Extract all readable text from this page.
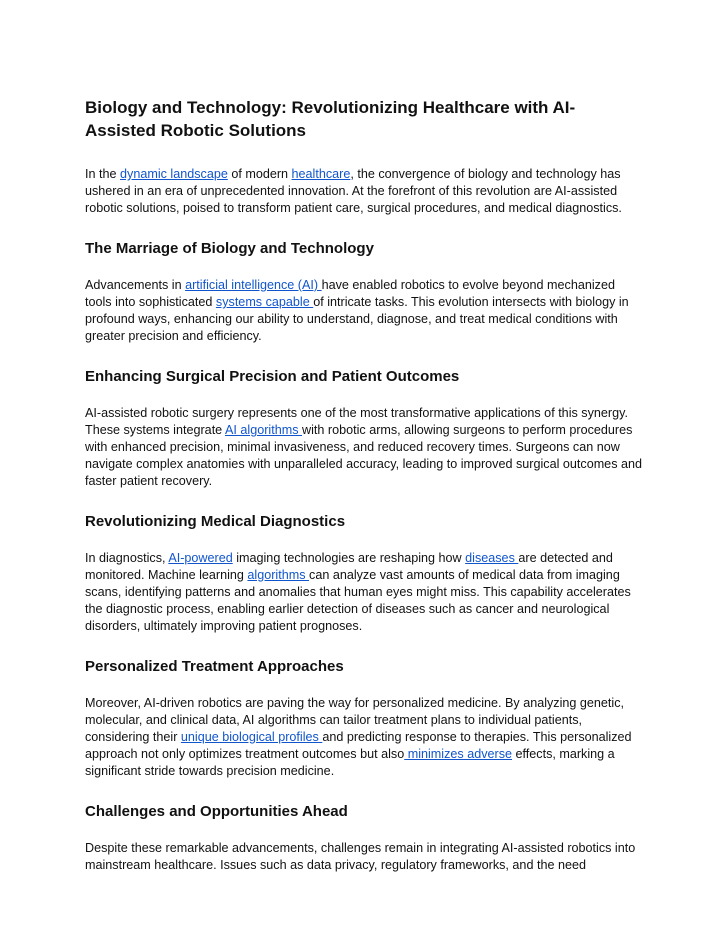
Biology and Technology: Revolutionizing Healthcare with AI-Assisted Robotic Solutions

In the dynamic landscape of modern healthcare, the convergence of biology and technology has ushered in an era of unprecedented innovation. At the forefront of this revolution are AI-assisted robotic solutions, poised to transform patient care, surgical procedures, and medical diagnostics.

The Marriage of Biology and Technology

Advancements in artificial intelligence (AI) have enabled robotics to evolve beyond mechanized tools into sophisticated systems capable of intricate tasks. This evolution intersects with biology in profound ways, enhancing our ability to understand, diagnose, and treat medical conditions with greater precision and efficiency.

Enhancing Surgical Precision and Patient Outcomes

AI-assisted robotic surgery represents one of the most transformative applications of this synergy. These systems integrate AI algorithms with robotic arms, allowing surgeons to perform procedures with enhanced precision, minimal invasiveness, and reduced recovery times. Surgeons can now navigate complex anatomies with unparalleled accuracy, leading to improved surgical outcomes and faster patient recovery.

Revolutionizing Medical Diagnostics

In diagnostics, AI-powered imaging technologies are reshaping how diseases are detected and monitored. Machine learning algorithms can analyze vast amounts of medical data from imaging scans, identifying patterns and anomalies that human eyes might miss. This capability accelerates the diagnostic process, enabling earlier detection of diseases such as cancer and neurological disorders, ultimately improving patient prognoses.

Personalized Treatment Approaches

Moreover, AI-driven robotics are paving the way for personalized medicine. By analyzing genetic, molecular, and clinical data, AI algorithms can tailor treatment plans to individual patients, considering their unique biological profiles and predicting response to therapies. This personalized approach not only optimizes treatment outcomes but also minimizes adverse effects, marking a significant stride towards precision medicine.

Challenges and Opportunities Ahead

Despite these remarkable advancements, challenges remain in integrating AI-assisted robotics into mainstream healthcare. Issues such as data privacy, regulatory frameworks, and the need
